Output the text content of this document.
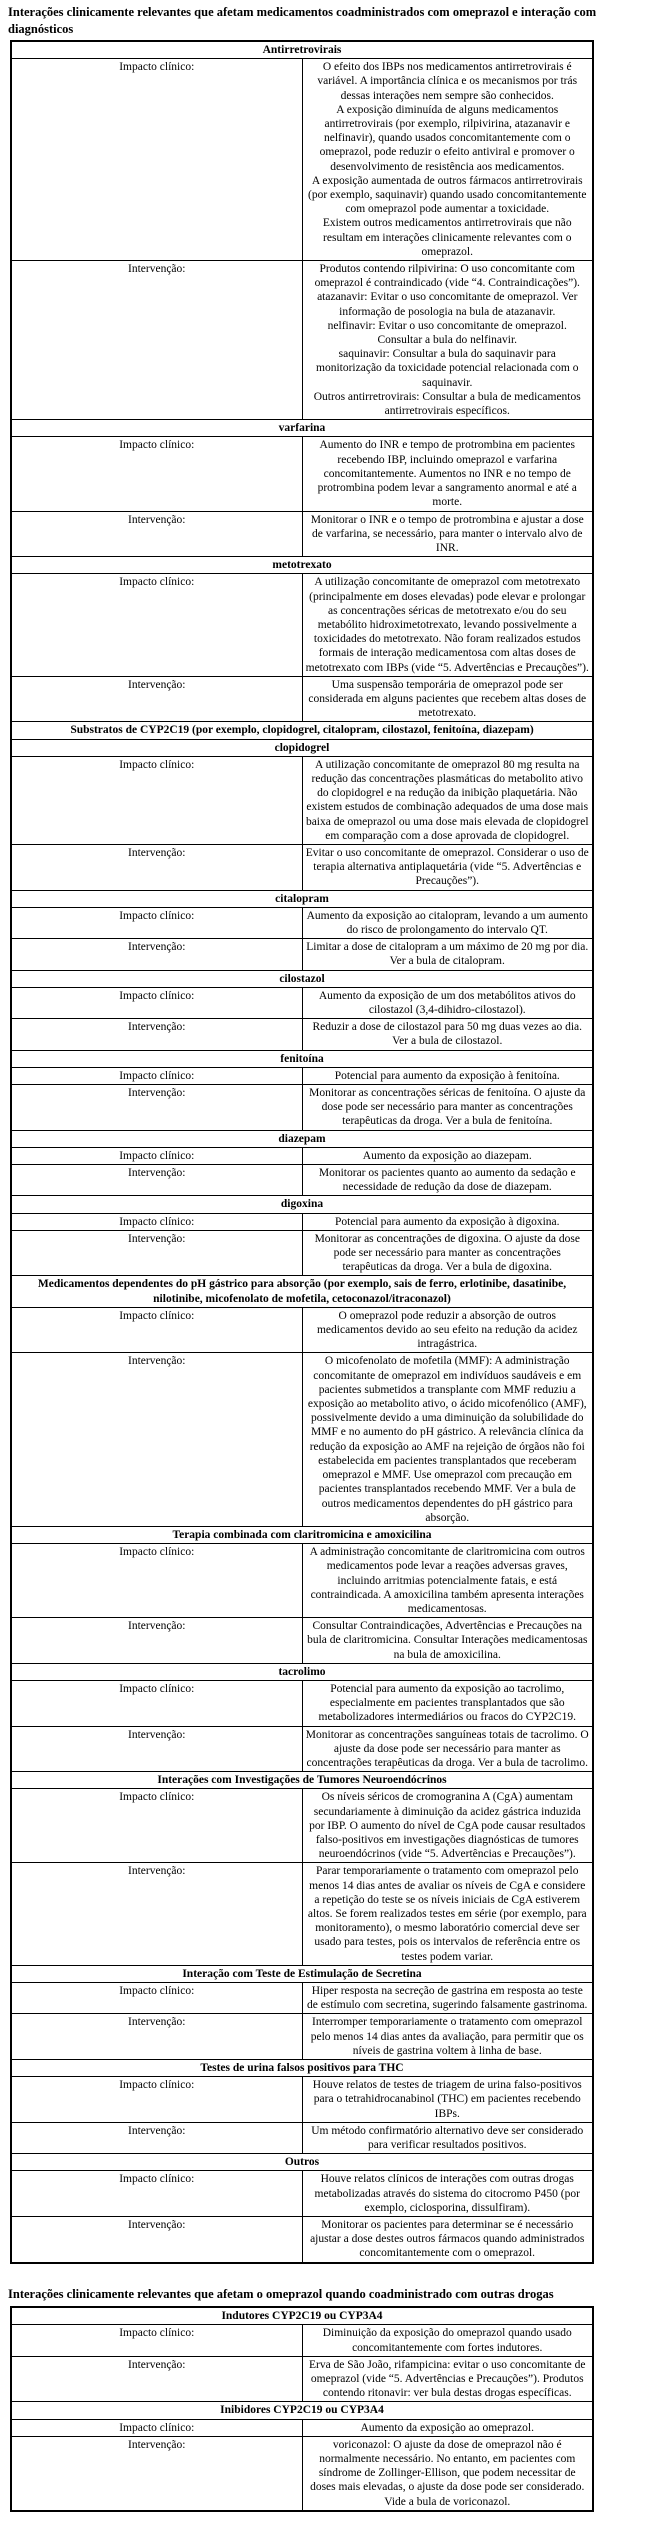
Interações clinicamente relevantes que afetam medicamentos coadministrados com omeprazol e interação com diagnósticos

Antirretrovirais	
Impacto clínico:	O efeito dos IBPs nos medicamentos antirretrovirais é variável. A importância clínica e os mecanismos por trás dessas interações nem sempre são conhecidos.
A exposição diminuída de alguns medicamentos antirretrovirais (por exemplo, rilpivirina, atazanavir e nelfinavir), quando usados concomitantemente com o omeprazol, pode reduzir o efeito antiviral e promover o desenvolvimento de resistência aos medicamentos.
A exposição aumentada de outros fármacos antirretrovirais (por exemplo, saquinavir) quando usado concomitantemente com omeprazol pode aumentar a toxicidade.
Existem outros medicamentos antirretrovirais que não resultam em interações clinicamente relevantes com o omeprazol.

Intervenção:	Produtos contendo rilpivirina: O uso concomitante com omeprazol é contraindicado (vide “4. Contraindicações”).
atazanavir: Evitar o uso concomitante de omeprazol. Ver informação de posologia na bula de atazanavir.
nelfinavir: Evitar o uso concomitante de omeprazol.
Consultar a bula do nelfinavir.
saquinavir: Consultar a bula do saquinavir para monitorização da toxicidade potencial relacionada com o saquinavir.
Outros antirretrovirais: Consultar a bula de medicamentos antirretrovirais específicos.

varfarina	
Impacto clínico:	Aumento do INR e tempo de protrombina em pacientes recebendo IBP, incluindo omeprazol e varfarina concomitantemente. Aumentos no INR e no tempo de protrombina podem levar a sangramento anormal e até a morte.

Intervenção:	Monitorar o INR e o tempo de protrombina e ajustar a dose de varfarina, se necessário, para manter o intervalo alvo de INR.

metotrexato	
Impacto clínico:	A utilização concomitante de omeprazol com metotrexato (principalmente em doses elevadas) pode elevar e prolongar as concentrações séricas de metotrexato e/ou do seu metabólito hidroximetotrexato, levando possivelmente a toxicidades do metotrexato. Não foram realizados estudos formais de interação medicamentosa com altas doses de metotrexato com IBPs (vide “5. Advertências e Precauções”).

Intervenção:	Uma suspensão temporária de omeprazol pode ser considerada em alguns pacientes que recebem altas doses de metotrexato.

Substratos de CYP2C19 (por exemplo, clopidogrel, citalopram, cilostazol, fenitoína, diazepam)	
clopidogrel	
Impacto clínico:	A utilização concomitante de omeprazol 80 mg resulta na redução das concentrações plasmáticas do metabolito ativo do clopidogrel e na redução da inibição plaquetária. Não existem estudos de combinação adequados de uma dose mais baixa de omeprazol ou uma dose mais elevada de clopidogrel em comparação com a dose aprovada de clopidogrel.

Intervenção:	Evitar o uso concomitante de omeprazol. Considerar o uso de terapia alternativa antiplaquetária (vide “5. Advertências e Precauções”).

citalopram	
Impacto clínico:	Aumento da exposição ao citalopram, levando a um aumento do risco de prolongamento do intervalo QT.

Intervenção:	Limitar a dose de citalopram a um máximo de 20 mg por dia. Ver a bula de citalopram.

cilostazol	
Impacto clínico:	Aumento da exposição de um dos metabólitos ativos do cilostazol (3,4-dihidro-cilostazol).

Intervenção:	Reduzir a dose de cilostazol para 50 mg duas vezes ao dia. Ver a bula de cilostazol.

fenitoína	
Impacto clínico:	Potencial para aumento da exposição à fenitoína.

Intervenção:	Monitorar as concentrações séricas de fenitoína. O ajuste da dose pode ser necessário para manter as concentrações terapêuticas da droga. Ver a bula de fenitoína.

diazepam	
Impacto clínico:	Aumento da exposição ao diazepam.

Intervenção:	Monitorar os pacientes quanto ao aumento da sedação e necessidade de redução da dose de diazepam.

digoxina	
Impacto clínico:	Potencial para aumento da exposição à digoxina.

Intervenção:	Monitorar as concentrações de digoxina. O ajuste da dose pode ser necessário para manter as concentrações terapêuticas da droga. Ver a bula de digoxina.

Medicamentos dependentes do pH gástrico para absorção (por exemplo, sais de ferro, erlotinibe, dasatinibe, nilotinibe, micofenolato de mofetila, cetoconazol/itraconazol)	
Impacto clínico:	O omeprazol pode reduzir a absorção de outros medicamentos devido ao seu efeito na redução da acidez intragástrica.

Intervenção:	O micofenolato de mofetila (MMF): A administração concomitante de omeprazol em indivíduos saudáveis e em pacientes submetidos a transplante com MMF reduziu a exposição ao metabolito ativo, o ácido micofenólico (AMF), possivelmente devido a uma diminuição da solubilidade do MMF e no aumento do pH gástrico. A relevância clínica da redução da exposição ao AMF na rejeição de órgãos não foi estabelecida em pacientes transplantados que receberam omeprazol e MMF. Use omeprazol com precaução em pacientes transplantados recebendo MMF. Ver a bula de outros medicamentos dependentes do pH gástrico para absorção.

Terapia combinada com claritromicina e amoxicilina	
Impacto clínico:	A administração concomitante de claritromicina com outros medicamentos pode levar a reações adversas graves, incluindo arritmias potencialmente fatais, e está contraindicada. A amoxicilina também apresenta interações medicamentosas.

Intervenção:	Consultar Contraindicações, Advertências e Precauções na bula de claritromicina. Consultar Interações medicamentosas na bula de amoxicilina.

tacrolimo	
Impacto clínico:	Potencial para aumento da exposição ao tacrolimo, especialmente em pacientes transplantados que são metabolizadores intermediários ou fracos do CYP2C19.

Intervenção:	Monitorar as concentrações sanguíneas totais de tacrolimo. O ajuste da dose pode ser necessário para manter as concentrações terapêuticas da droga. Ver a bula de tacrolimo.

Interações com Investigações de Tumores Neuroendócrinos	
Impacto clínico:	Os níveis séricos de cromogranina A (CgA) aumentam secundariamente à diminuição da acidez gástrica induzida por IBP. O aumento do nível de CgA pode causar resultados falso-positivos em investigações diagnósticas de tumores neuroendócrinos (vide “5. Advertências e Precauções”).

Intervenção:	Parar temporariamente o tratamento com omeprazol pelo menos 14 dias antes de avaliar os níveis de CgA e considere a repetição do teste se os níveis iniciais de CgA estiverem altos. Se forem realizados testes em série (por exemplo, para monitoramento), o mesmo laboratório comercial deve ser usado para testes, pois os intervalos de referência entre os testes podem variar.

Interação com Teste de Estimulação de Secretina	
Impacto clínico:	Hiper resposta na secreção de gastrina em resposta ao teste de estímulo com secretina, sugerindo falsamente gastrinoma.

Intervenção:	Interromper temporariamente o tratamento com omeprazol pelo menos 14 dias antes da avaliação, para permitir que os níveis de gastrina voltem à linha de base.

Testes de urina falsos positivos para THC	
Impacto clínico:	Houve relatos de testes de triagem de urina falso-positivos para o tetrahidrocanabinol (THC) em pacientes recebendo IBPs.

Intervenção:	Um método confirmatório alternativo deve ser considerado para verificar resultados positivos.

Outros	
Impacto clínico:	Houve relatos clínicos de interações com outras drogas metabolizadas através do sistema do citocromo P450 (por exemplo, ciclosporina, dissulfiram).

Intervenção:	Monitorar os pacientes para determinar se é necessário ajustar a dose destes outros fármacos quando administrados concomitantemente com o omeprazol.

Interações clinicamente relevantes que afetam o omeprazol quando coadministrado com outras drogas

Indutores CYP2C19 ou CYP3A4	
Impacto clínico:	Diminuição da exposição do omeprazol quando usado concomitantemente com fortes indutores.

Intervenção:	Erva de São João, rifampicina: evitar o uso concomitante de omeprazol (vide “5. Advertências e Precauções”). Produtos contendo ritonavir: ver bula destas drogas específicas.

Inibidores CYP2C19 ou CYP3A4	
Impacto clínico:	Aumento da exposição ao omeprazol.

Intervenção:	voriconazol: O ajuste da dose de omeprazol não é normalmente necessário. No entanto, em pacientes com síndrome de Zollinger-Ellison, que podem necessitar de doses mais elevadas, o ajuste da dose pode ser considerado. Vide a bula de voriconazol.
